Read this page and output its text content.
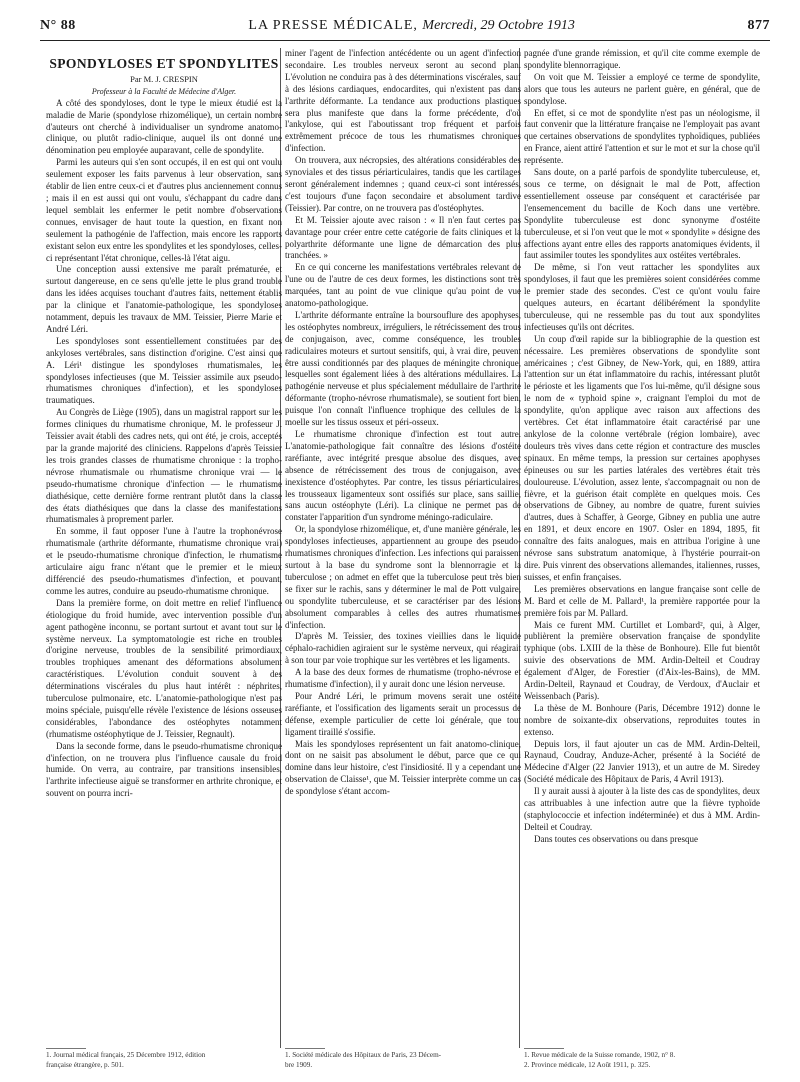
N° 88	LA PRESSE MÉDICALE, Mercredi, 29 Octobre 1913	877
SPONDYLOSES ET SPONDYLITES

Par M. J. CRESPIN

Professeur à la Faculté de Médecine d'Alger.

A côté des spondyloses, dont le type le mieux étudié est la maladie de Marie (spondylose rhizomélique), un certain nombre d'auteurs ont cherché à individualiser un syndrome anatomo-clinique, ou plutôt radio-clinique, auquel ils ont donné une dénomination peu employée auparavant, celle de spondylite.

Parmi les auteurs qui s'en sont occupés, il en est qui ont voulu seulement exposer les faits parvenus à leur observation, sans établir de lien entre ceux-ci et d'autres plus anciennement connus ; mais il en est aussi qui ont voulu, s'échappant du cadre dans lequel semblait les enfermer le petit nombre d'observations connues, envisager de haut toute la question, en fixant non seulement la pathogénie de l'affection, mais encore les rapports existant selon eux entre les spondylites et les spondyloses, celles-ci représentant l'état chronique, celles-là l'état aigu.

Une conception aussi extensive me paraît prématurée, et surtout dangereuse, en ce sens qu'elle jette le plus grand trouble dans les idées acquises touchant d'autres faits, nettement établis par la clinique et l'anatomie-pathologique, les spondyloses notamment, depuis les travaux de MM. Teissier, Pierre Marie et André Léri.

Les spondyloses sont essentiellement constituées par des ankyloses vertébrales, sans distinction d'origine. C'est ainsi que A. Léri¹ distingue les spondyloses rhumatismales, les spondyloses infectieuses (que M. Teissier assimile aux pseudo-rhumatismes chroniques d'infection), et les spondyloses traumatiques.

Au Congrès de Liège (1905), dans un magistral rapport sur les formes cliniques du rhumatisme chronique, M. le professeur J. Teissier avait établi des cadres nets, qui ont été, je crois, acceptés par la grande majorité des cliniciens. Rappelons d'après Teissier les trois grandes classes de rhumatisme chronique : la tropho-névrose rhumatismale ou rhumatisme chronique vrai — le pseudo-rhumatisme chronique d'infection — le rhumatisme diathésique, cette dernière forme rentrant plutôt dans la classe des états diathésiques que dans la classe des manifestations rhumatismales à proprement parler.

En somme, il faut opposer l'une à l'autre la trophonévrose rhumatismale (arthrite déformante, rhumatisme chronique vrai) et le pseudo-rhumatisme chronique d'infection, le rhumatisme articulaire aigu franc n'étant que le premier et le mieux différencié des pseudo-rhumatismes d'infection, et pouvant, comme les autres, conduire au pseudo-rhumatisme chronique.

Dans la première forme, on doit mettre en relief l'influence étiologique du froid humide, avec intervention possible d'un agent pathogène inconnu, se portant surtout et avant tout sur le système nerveux. La symptomatologie est riche en troubles d'origine nerveuse, troubles de la sensibilité primordiaux, troubles trophiques amenant des déformations absolument caractéristiques. L'évolution conduit souvent à des déterminations viscérales du plus haut intérêt : néphrites, tuberculose pulmonaire, etc. L'anatomie-pathologique n'est pas moins spéciale, puisqu'elle révèle l'existence de lésions osseuses considérables, l'abondance des ostéophytes notamment (rhumatisme ostéophytique de J. Teissier, Regnault).

Dans la seconde forme, dans le pseudo-rhumatisme chronique d'infection, on ne trouvera plus l'influence causale du froid humide. On verra, au contraire, par transitions insensibles, l'arthrite infectieuse aiguë se transformer en arthrite chronique, et souvent on pourra incri-

miner l'agent de l'infection antécédente ou un agent d'infection secondaire. Les troubles nerveux seront au second plan. L'évolution ne conduira pas à des déterminations viscérales, sauf à des lésions cardiaques, endocardites, qui n'existent pas dans l'arthrite déformante. La tendance aux productions plastiques sera plus manifeste que dans la forme précédente, d'où l'ankylose, qui est l'aboutissant trop fréquent et parfois extrêmement précoce de tous les rhumatismes chroniques d'infection.

On trouvera, aux nécropsies, des altérations considérables des synoviales et des tissus périarticulaires, tandis que les cartilages seront généralement indemnes ; quand ceux-ci sont intéressés, c'est toujours d'une façon secondaire et absolument tardive (Teissier). Par contre, on ne trouvera pas d'ostéophytes.

Et M. Teissier ajoute avec raison : « Il n'en faut certes pas davantage pour créer entre cette catégorie de faits cliniques et la polyarthrite déformante une ligne de démarcation des plus tranchées. »

En ce qui concerne les manifestations vertébrales relevant de l'une ou de l'autre de ces deux formes, les distinctions sont très marquées, tant au point de vue clinique qu'au point de vue anatomo-pathologique.

L'arthrite déformante entraîne la boursouflure des apophyses, les ostéophytes nombreux, irréguliers, le rétrécissement des trous de conjugaison, avec, comme conséquence, les troubles radiculaires moteurs et surtout sensitifs, qui, à vrai dire, peuvent être aussi conditionnés par des plaques de méningite chronique, lesquelles sont également liées à des altérations médullaires. La pathogénie nerveuse et plus spécialement médullaire de l'arthrite déformante (tropho-névrose rhumatismale), se soutient fort bien, puisque l'on connaît l'influence trophique des cellules de la moelle sur les tissus osseux et péri-osseux.

Le rhumatisme chronique d'infection est tout autre. L'anatomie-pathologique fait connaître des lésions d'ostéite raréfiante, avec intégrité presque absolue des disques, avec absence de rétrécissement des trous de conjugaison, avec inexistence d'ostéophytes. Par contre, les tissus périarticulaires, les trousseaux ligamenteux sont ossifiés sur place, sans saillie, sans aucun ostéophyte (Léri). La clinique ne permet pas de constater l'apparition d'un syndrome méningo-radiculaire.

Or, la spondylose rhizomélique, et, d'une manière générale, les spondyloses infectieuses, appartiennent au groupe des pseudo-rhumatismes chroniques d'infection. Les infections qui paraissent surtout à la base du syndrome sont la blennorragie et la tuberculose ; on admet en effet que la tuberculose peut très bien se fixer sur le rachis, sans y déterminer le mal de Pott vulgaire, ou spondylite tuberculeuse, et se caractériser par des lésions absolument comparables à celles des autres rhumatismes d'infection.

D'après M. Teissier, des toxines vieillies dans le liquide céphalo-rachidien agiraient sur le système nerveux, qui réagirait à son tour par voie trophique sur les vertèbres et les ligaments.

A la base des deux formes de rhumatisme (tropho-névrose et rhumatisme d'infection), il y aurait donc une lésion nerveuse.

Pour André Léri, le primum movens serait une ostéite raréfiante, et l'ossification des ligaments serait un processus de défense, exemple particulier de cette loi générale, que tout ligament tiraillé s'ossifie.

Mais les spondyloses représentent un fait anatomo-clinique, dont on ne saisit pas absolument le début, parce que ce qui domine dans leur histoire, c'est l'insidiosité. Il y a cependant une observation de Claisse¹, que M. Teissier interprète comme un cas de spondylose s'étant accom-

pagnée d'une grande rémission, et qu'il cite comme exemple de spondylite blennorragique.

On voit que M. Teissier a employé ce terme de spondylite, alors que tous les auteurs ne parlent guère, en général, que de spondylose.

En effet, si ce mot de spondylite n'est pas un néologisme, il faut convenir que la littérature française ne l'employait pas avant que certaines observations de spondylites typhoïdiques, publiées en France, aient attiré l'attention et sur le mot et sur la chose qu'il représente.

Sans doute, on a parlé parfois de spondylite tuberculeuse, et, sous ce terme, on désignait le mal de Pott, affection essentiellement osseuse par conséquent et caractérisée par l'ensemencement du bacille de Koch dans une vertèbre. Spondylite tuberculeuse est donc synonyme d'ostéite tuberculeuse, et si l'on veut que le mot « spondylite » désigne des affections ayant entre elles des rapports anatomiques évidents, il faut assimiler toutes les spondylites aux ostéites vertébrales.

De même, si l'on veut rattacher les spondylites aux spondyloses, il faut que les premières soient considérées comme le premier stade des secondes. C'est ce qu'ont voulu faire quelques auteurs, en écartant délibérément la spondylite tuberculeuse, qui ne ressemble pas du tout aux spondylites infectieuses qu'ils ont décrites.

Un coup d'œil rapide sur la bibliographie de la question est nécessaire. Les premières observations de spondylite sont américaines ; c'est Gibney, de New-York, qui, en 1889, attira l'attention sur un état inflammatoire du rachis, intéressant plutôt le périoste et les ligaments que l'os lui-même, qu'il désigne sous le nom de « typhoid spine », craignant l'emploi du mot de spondylite, qu'on applique avec raison aux affections des vertèbres. Cet état inflammatoire était caractérisé par une ankylose de la colonne vertébrale (région lombaire), avec douleurs très vives dans cette région et contracture des muscles spinaux. En même temps, la pression sur certaines apophyses épineuses ou sur les parties latérales des vertèbres était très douloureuse. L'évolution, assez lente, s'accompagnait ou non de fièvre, et la guérison était complète en quelques mois. Ces observations de Gibney, au nombre de quatre, furent suivies d'autres, dues à Schaffer, à George, Gibney en publia une autre en 1891, et deux encore en 1907. Osler en 1894, 1895, fit connaître des faits analogues, mais en attribua l'origine à une névrose sans substratum anatomique, à l'hystérie pourrait-on dire. Puis vinrent des observations allemandes, italiennes, russes, suisses, et enfin françaises.

Les premières observations en langue française sont celle de M. Bard et celle de M. Pallard¹, la première rapportée pour la première fois par M. Pallard.

Mais ce furent MM. Curtillet et Lombard², qui, à Alger, publièrent la première observation française de spondylite typhique (obs. LXIII de la thèse de Bonhoure). Elle fut bientôt suivie des observations de MM. Ardin-Delteil et Coudray également d'Alger, de Forestier (d'Aix-les-Bains), de MM. Ardin-Delteil, Raynaud et Coudray, de Verdoux, d'Auclair et Weissenbach (Paris).

La thèse de M. Bonhoure (Paris, Décembre 1912) donne le nombre de soixante-dix observations, reproduites toutes in extenso.

Depuis lors, il faut ajouter un cas de MM. Ardin-Delteil, Raynaud, Coudray, Anduze-Acher, présenté à la Société de Médecine d'Alger (22 Janvier 1913), et un autre de M. Siredey (Société médicale des Hôpitaux de Paris, 4 Avril 1913).

Il y aurait aussi à ajouter à la liste des cas de spondylites, deux cas attribuables à une infection autre que la fièvre typhoïde (staphylococcie et infection indéterminée) et dus à MM. Ardin-Delteil et Coudray.

Dans toutes ces observations ou dans presque

1. Journal médical français, 25 Décembre 1912, édition
française étrangère, p. 501.
1. Société médicale des Hôpitaux de Paris, 23 Décem-
bre 1909.
1. Revue médicale de la Suisse romande, 1902, n° 8.
2. Province médicale, 12 Août 1911, p. 325.
